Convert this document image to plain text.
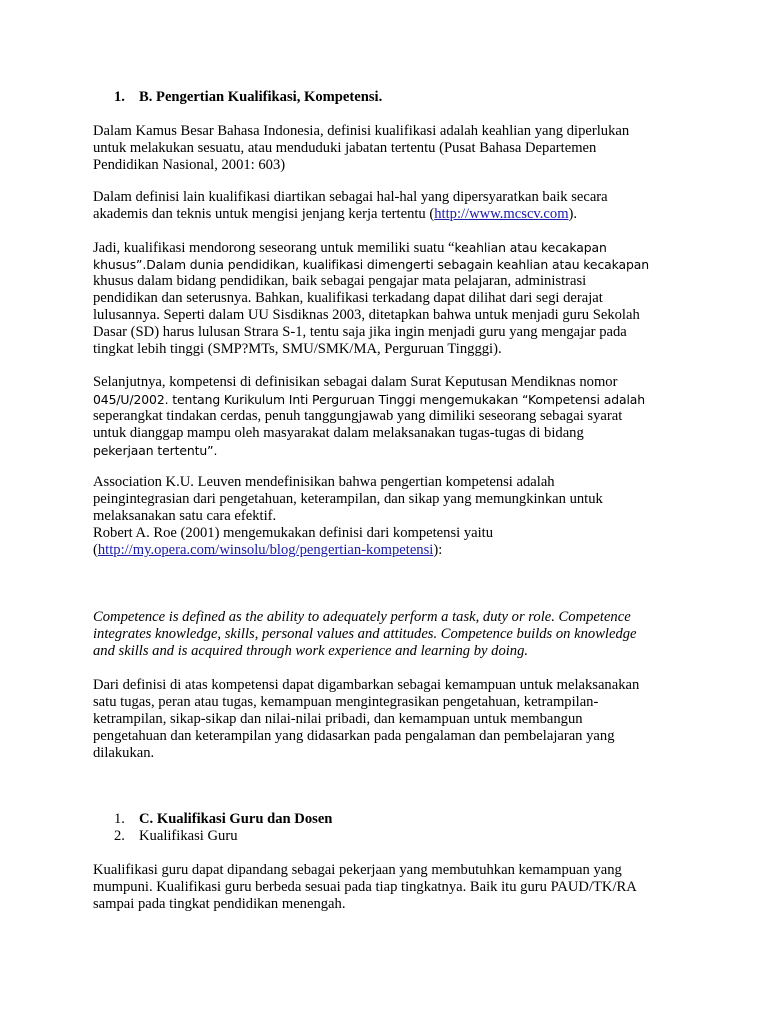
1. B. Pengertian Kualifikasi, Kompetensi.
Dalam Kamus Besar Bahasa Indonesia, definisi kualifikasi adalah keahlian yang diperlukan
untuk melakukan sesuatu, atau menduduki jabatan tertentu (Pusat Bahasa Departemen
Pendidikan Nasional, 2001: 603)
Dalam definisi lain kualifikasi diartikan sebagai hal-hal yang dipersyaratkan baik secara
akademis dan teknis untuk mengisi jenjang kerja tertentu (http://www.mcscv.com).
Jadi, kualifikasi mendorong seseorang untuk memiliki suatu “keahlian atau kecakapan
khusus”.Dalam dunia pendidikan, kualifikasi dimengerti sebagain keahlian atau kecakapan
khusus dalam bidang pendidikan, baik sebagai pengajar mata pelajaran, administrasi
pendidikan dan seterusnya. Bahkan, kualifikasi terkadang dapat dilihat dari segi derajat
lulusannya. Seperti dalam UU Sisdiknas 2003, ditetapkan bahwa untuk menjadi guru Sekolah
Dasar (SD) harus lulusan Strara S-1, tentu saja jika ingin menjadi guru yang mengajar pada
tingkat lebih tinggi (SMP?MTs, SMU/SMK/MA, Perguruan Tingggi).
Selanjutnya, kompetensi di definisikan sebagai dalam Surat Keputusan Mendiknas nomor
045/U/2002. tentang Kurikulum Inti Perguruan Tinggi mengemukakan “Kompetensi adalah
seperangkat tindakan cerdas, penuh tanggungjawab yang dimiliki seseorang sebagai syarat
untuk dianggap mampu oleh masyarakat dalam melaksanakan tugas-tugas di bidang
pekerjaan tertentu”.
Association K.U. Leuven mendefinisikan bahwa pengertian kompetensi adalah
peingintegrasian dari pengetahuan, keterampilan, dan sikap yang memungkinkan untuk
melaksanakan satu cara efektif.
Robert A. Roe (2001) mengemukakan definisi dari kompetensi yaitu
(http://my.opera.com/winsolu/blog/pengertian-kompetensi):
Competence is defined as the ability to adequately perform a task, duty or role. Competence
integrates knowledge, skills, personal values and attitudes. Competence builds on knowledge
and skills and is acquired through work experience and learning by doing.
Dari definisi di atas kompetensi dapat digambarkan sebagai kemampuan untuk melaksanakan
satu tugas, peran atau tugas, kemampuan mengintegrasikan pengetahuan, ketrampilan-
ketrampilan, sikap-sikap dan nilai-nilai pribadi, dan kemampuan untuk membangun
pengetahuan dan keterampilan yang didasarkan pada pengalaman dan pembelajaran yang
dilakukan.
1. C. Kualifikasi Guru dan Dosen
2. Kualifikasi Guru
Kualifikasi guru dapat dipandang sebagai pekerjaan yang membutuhkan kemampuan yang
mumpuni. Kualifikasi guru berbeda sesuai pada tiap tingkatnya. Baik itu guru PAUD/TK/RA
sampai pada tingkat pendidikan menengah.
